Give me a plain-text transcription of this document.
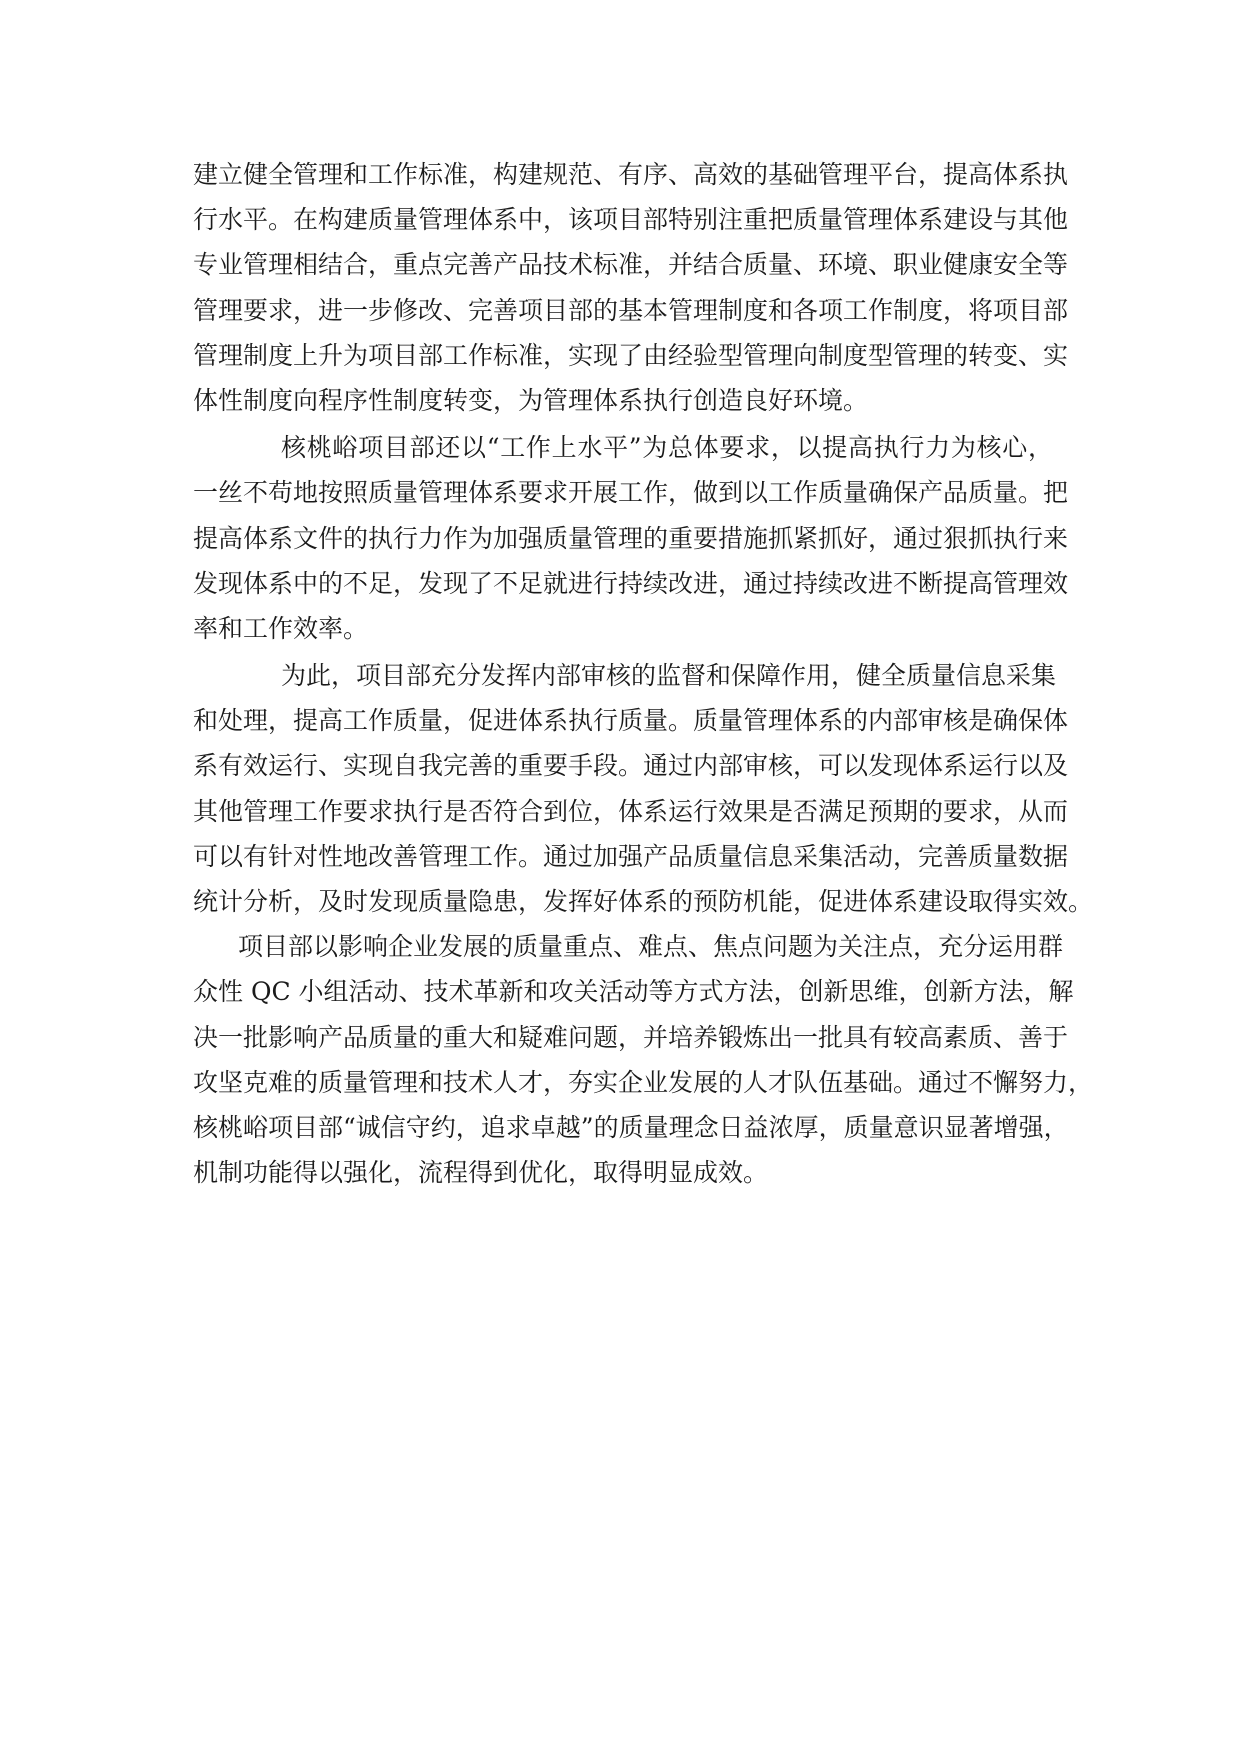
建立健全管理和工作标准，构建规范、有序、高效的基础管理平台，提高体系执
行水平。在构建质量管理体系中，该项目部特别注重把质量管理体系建设与其他
专业管理相结合，重点完善产品技术标准，并结合质量、环境、职业健康安全等
管理要求，进一步修改、完善项目部的基本管理制度和各项工作制度，将项目部
管理制度上升为项目部工作标准，实现了由经验型管理向制度型管理的转变、实
体性制度向程序性制度转变，为管理体系执行创造良好环境。
核桃峪项目部还以“工作上水平”为总体要求，以提高执行力为核心，
一丝不苟地按照质量管理体系要求开展工作，做到以工作质量确保产品质量。把
提高体系文件的执行力作为加强质量管理的重要措施抓紧抓好，通过狠抓执行来
发现体系中的不足，发现了不足就进行持续改进，通过持续改进不断提高管理效
率和工作效率。
为此，项目部充分发挥内部审核的监督和保障作用，健全质量信息采集
和处理，提高工作质量，促进体系执行质量。质量管理体系的内部审核是确保体
系有效运行、实现自我完善的重要手段。通过内部审核，可以发现体系运行以及
其他管理工作要求执行是否符合到位，体系运行效果是否满足预期的要求，从而
可以有针对性地改善管理工作。通过加强产品质量信息采集活动，完善质量数据
统计分析，及时发现质量隐患，发挥好体系的预防机能，促进体系建设取得实效。
项目部以影响企业发展的质量重点、难点、焦点问题为关注点，充分运用群
众性 QC 小组活动、技术革新和攻关活动等方式方法，创新思维，创新方法，解
决一批影响产品质量的重大和疑难问题，并培养锻炼出一批具有较高素质、善于
攻坚克难的质量管理和技术人才，夯实企业发展的人才队伍基础。通过不懈努力，
核桃峪项目部“诚信守约，追求卓越”的质量理念日益浓厚，质量意识显著增强，
机制功能得以强化，流程得到优化，取得明显成效。
